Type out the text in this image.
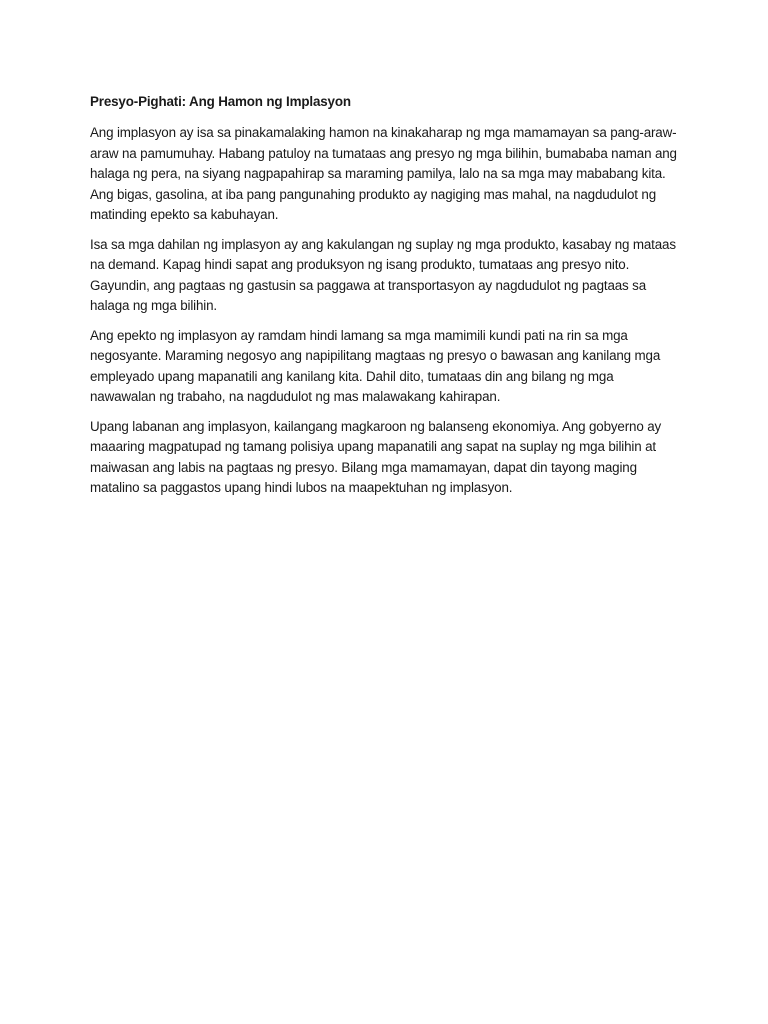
Presyo-Pighati: Ang Hamon ng Implasyon

Ang implasyon ay isa sa pinakamalaking hamon na kinakaharap ng mga mamamayan sa pang-araw-araw na pamumuhay. Habang patuloy na tumataas ang presyo ng mga bilihin, bumababa naman ang halaga ng pera, na siyang nagpapahirap sa maraming pamilya, lalo na sa mga may mababang kita. Ang bigas, gasolina, at iba pang pangunahing produkto ay nagiging mas mahal, na nagdudulot ng matinding epekto sa kabuhayan.

Isa sa mga dahilan ng implasyon ay ang kakulangan ng suplay ng mga produkto, kasabay ng mataas na demand. Kapag hindi sapat ang produksyon ng isang produkto, tumataas ang presyo nito. Gayundin, ang pagtaas ng gastusin sa paggawa at transportasyon ay nagdudulot ng pagtaas sa halaga ng mga bilihin.

Ang epekto ng implasyon ay ramdam hindi lamang sa mga mamimili kundi pati na rin sa mga negosyante. Maraming negosyo ang napipilitang magtaas ng presyo o bawasan ang kanilang mga empleyado upang mapanatili ang kanilang kita. Dahil dito, tumataas din ang bilang ng mga nawawalan ng trabaho, na nagdudulot ng mas malawakang kahirapan.

Upang labanan ang implasyon, kailangang magkaroon ng balanseng ekonomiya. Ang gobyerno ay maaaring magpatupad ng tamang polisiya upang mapanatili ang sapat na suplay ng mga bilihin at maiwasan ang labis na pagtaas ng presyo. Bilang mga mamamayan, dapat din tayong maging matalino sa paggastos upang hindi lubos na maapektuhan ng implasyon.
